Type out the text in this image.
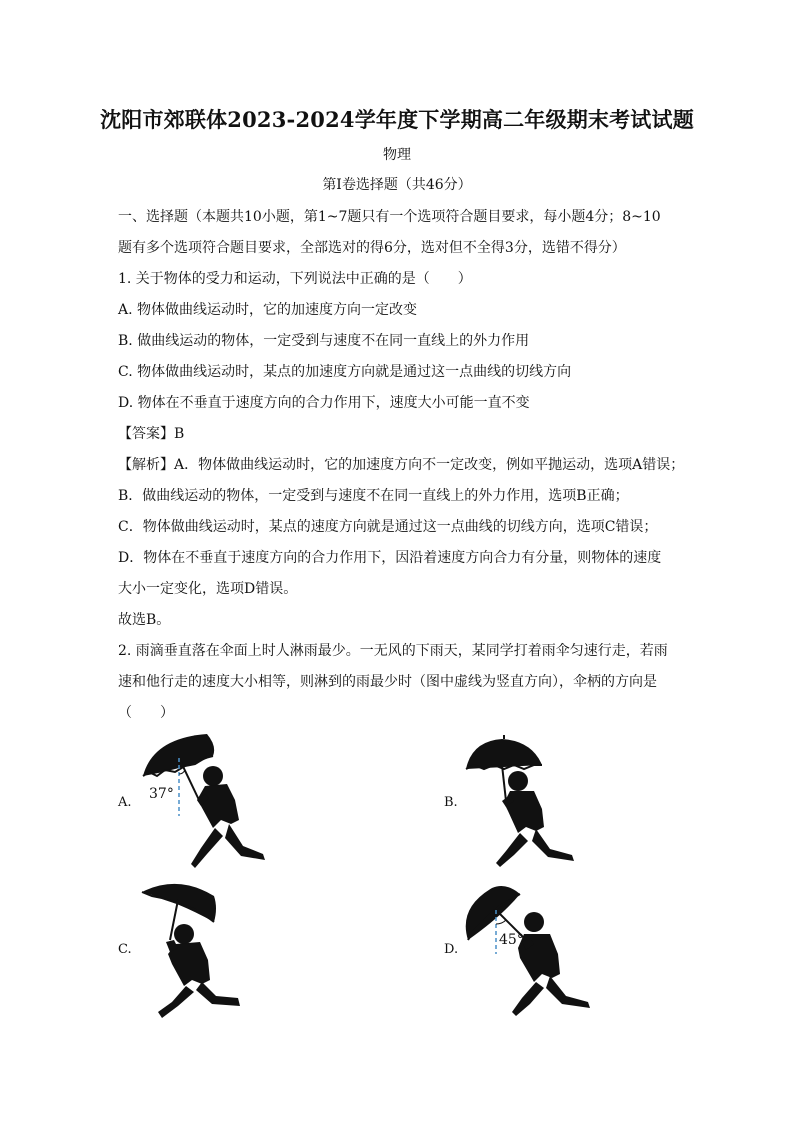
沈阳市郊联体2023-2024学年度下学期高二年级期末考试试题
物理
第Ⅰ卷选择题（共46分）
一、选择题（本题共10小题，第1~7题只有一个选项符合题目要求，每小题4分；8~10
题有多个选项符合题目要求，全部选对的得6分，选对但不全得3分，选错不得分）
1. 关于物体的受力和运动，下列说法中正确的是（　　）
A. 物体做曲线运动时，它的加速度方向一定改变
B. 做曲线运动的物体，一定受到与速度不在同一直线上的外力作用
C. 物体做曲线运动时，某点的加速度方向就是通过这一点曲线的切线方向
D. 物体在不垂直于速度方向的合力作用下，速度大小可能一直不变
【答案】B
【解析】A．物体做曲线运动时，它的加速度方向不一定改变，例如平抛运动，选项A错误；
B．做曲线运动的物体，一定受到与速度不在同一直线上的外力作用，选项B正确；
C．物体做曲线运动时，某点的速度方向就是通过这一点曲线的切线方向，选项C错误；
D．物体在不垂直于速度方向的合力作用下，因沿着速度方向合力有分量，则物体的速度
大小一定变化，选项D错误。
故选B。
2. 雨滴垂直落在伞面上时人淋雨最少。一无风的下雨天，某同学打着雨伞匀速行走，若雨
速和他行走的速度大小相等，则淋到的雨最少时（图中虚线为竖直方向），伞柄的方向是
（　　）
A.
37°
B.
C.	D.
45°
